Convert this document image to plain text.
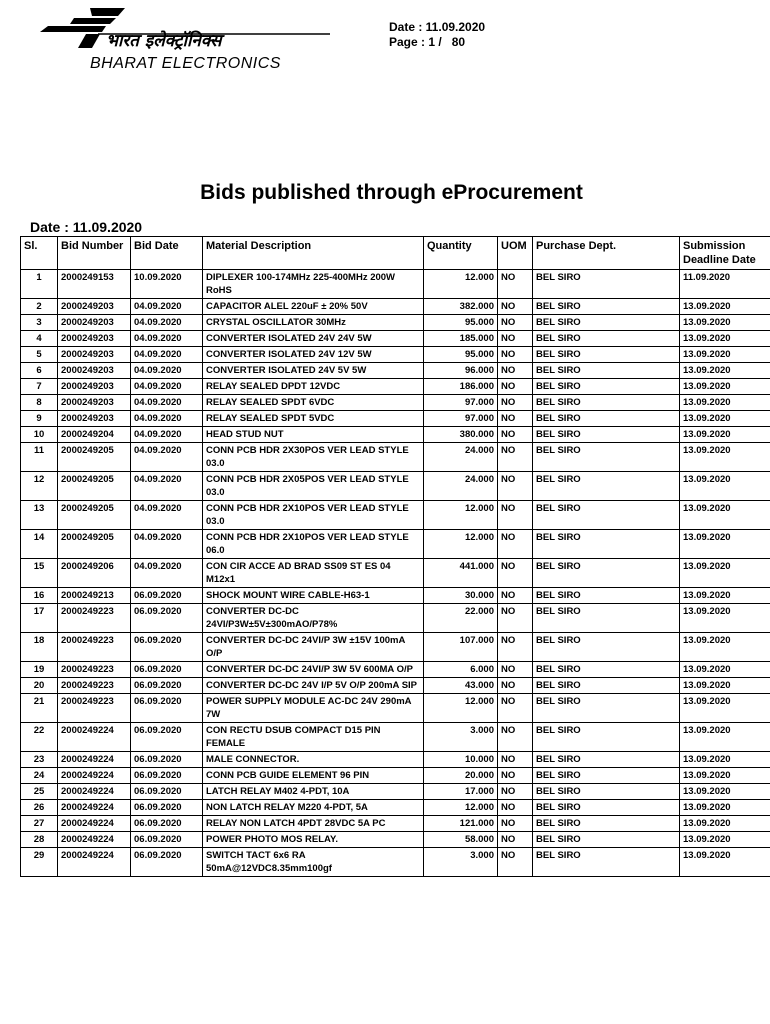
भारत इलेक्ट्रॉनिक्स
BHARAT ELECTRONICS
Date : 11.09.2020
Page : 1 /   80
Bids published through eProcurement
Date : 11.09.2020
Sl.	Bid Number	Bid Date	Material Description	Quantity	UOM	Purchase Dept.	Submission Deadline Date
1	2000249153	10.09.2020	DIPLEXER 100-174MHz 225-400MHz 200W RoHS	12.000	NO	BEL SIRO	11.09.2020
2	2000249203	04.09.2020	CAPACITOR ALEL 220uF ± 20% 50V	382.000	NO	BEL SIRO	13.09.2020
3	2000249203	04.09.2020	CRYSTAL OSCILLATOR 30MHz	95.000	NO	BEL SIRO	13.09.2020
4	2000249203	04.09.2020	CONVERTER ISOLATED 24V 24V 5W	185.000	NO	BEL SIRO	13.09.2020
5	2000249203	04.09.2020	CONVERTER ISOLATED 24V 12V 5W	95.000	NO	BEL SIRO	13.09.2020
6	2000249203	04.09.2020	CONVERTER ISOLATED 24V 5V 5W	96.000	NO	BEL SIRO	13.09.2020
7	2000249203	04.09.2020	RELAY SEALED DPDT 12VDC	186.000	NO	BEL SIRO	13.09.2020
8	2000249203	04.09.2020	RELAY SEALED SPDT 6VDC	97.000	NO	BEL SIRO	13.09.2020
9	2000249203	04.09.2020	RELAY SEALED SPDT 5VDC	97.000	NO	BEL SIRO	13.09.2020
10	2000249204	04.09.2020	HEAD STUD NUT	380.000	NO	BEL SIRO	13.09.2020
11	2000249205	04.09.2020	CONN PCB HDR 2X30POS VER LEAD STYLE 03.0	24.000	NO	BEL SIRO	13.09.2020
12	2000249205	04.09.2020	CONN PCB HDR 2X05POS VER LEAD STYLE 03.0	24.000	NO	BEL SIRO	13.09.2020
13	2000249205	04.09.2020	CONN PCB HDR 2X10POS VER LEAD STYLE 03.0	12.000	NO	BEL SIRO	13.09.2020
14	2000249205	04.09.2020	CONN PCB HDR 2X10POS VER LEAD STYLE 06.0	12.000	NO	BEL SIRO	13.09.2020
15	2000249206	04.09.2020	CON CIR ACCE AD BRAD SS09 ST ES 04 M12x1	441.000	NO	BEL SIRO	13.09.2020
16	2000249213	06.09.2020	SHOCK MOUNT WIRE CABLE-H63-1	30.000	NO	BEL SIRO	13.09.2020
17	2000249223	06.09.2020	CONVERTER DC-DC 24VI/P3W±5V±300mAO/P78%	22.000	NO	BEL SIRO	13.09.2020
18	2000249223	06.09.2020	CONVERTER DC-DC 24VI/P 3W ±15V 100mA O/P	107.000	NO	BEL SIRO	13.09.2020
19	2000249223	06.09.2020	CONVERTER DC-DC 24VI/P 3W 5V 600MA O/P	6.000	NO	BEL SIRO	13.09.2020
20	2000249223	06.09.2020	CONVERTER DC-DC 24V I/P 5V O/P 200mA SIP	43.000	NO	BEL SIRO	13.09.2020
21	2000249223	06.09.2020	POWER SUPPLY MODULE AC-DC 24V 290mA 7W	12.000	NO	BEL SIRO	13.09.2020
22	2000249224	06.09.2020	CON RECTU DSUB COMPACT D15 PIN FEMALE	3.000	NO	BEL SIRO	13.09.2020
23	2000249224	06.09.2020	MALE CONNECTOR.	10.000	NO	BEL SIRO	13.09.2020
24	2000249224	06.09.2020	CONN PCB GUIDE ELEMENT 96 PIN	20.000	NO	BEL SIRO	13.09.2020
25	2000249224	06.09.2020	LATCH RELAY M402 4-PDT, 10A	17.000	NO	BEL SIRO	13.09.2020
26	2000249224	06.09.2020	NON LATCH RELAY M220 4-PDT, 5A	12.000	NO	BEL SIRO	13.09.2020
27	2000249224	06.09.2020	RELAY NON LATCH 4PDT 28VDC 5A PC	121.000	NO	BEL SIRO	13.09.2020
28	2000249224	06.09.2020	POWER PHOTO MOS RELAY.	58.000	NO	BEL SIRO	13.09.2020
29	2000249224	06.09.2020	SWITCH TACT 6x6 RA 50mA@12VDC8.35mm100gf	3.000	NO	BEL SIRO	13.09.2020
